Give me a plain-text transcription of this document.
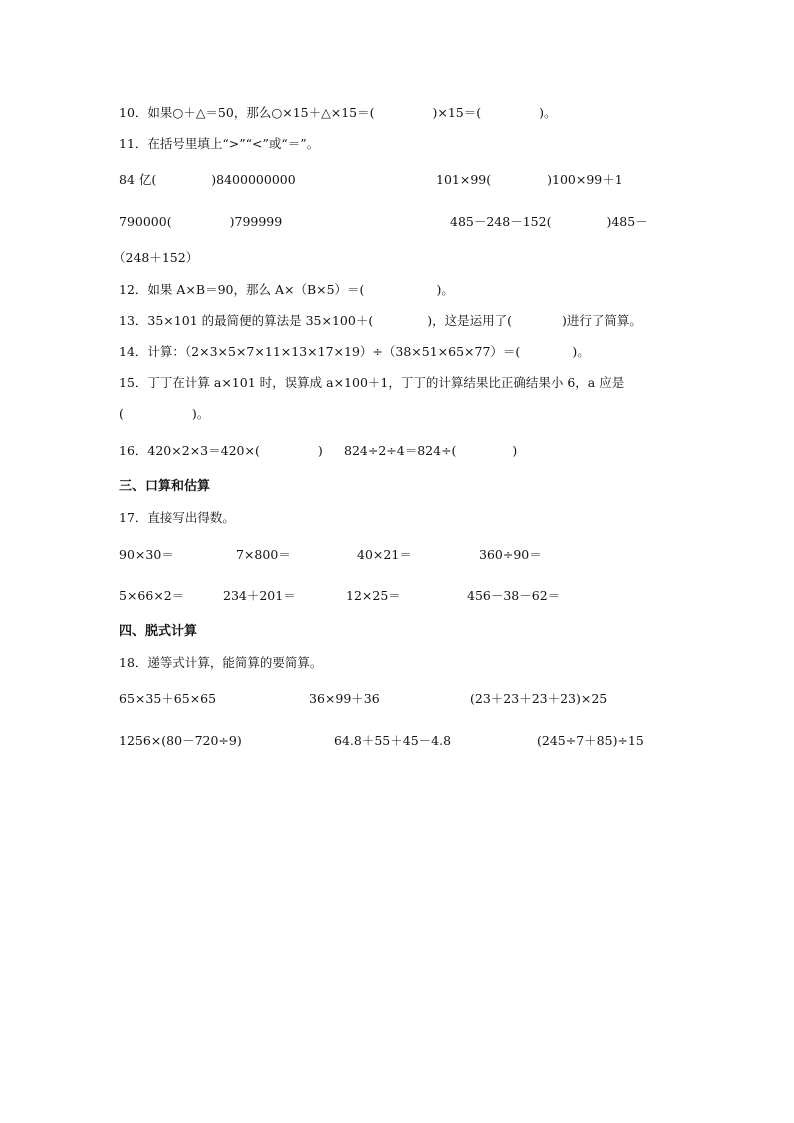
10．如果○＋△＝50，那么○×15＋△×15＝(	)×15＝(	)。
11．在括号里填上“>”“<”或“＝”。
84 亿(	)8400000000	101×99(	)100×99＋1
790000(	)799999	485－248－152(	)485－
（248＋152）
12．如果 A×B＝90，那么 A×（B×5）＝(	)。
13．35×101 的最简便的算法是 35×100＋(	)，这是运用了(	)进行了简算。
14．计算：（2×3×5×7×11×13×17×19）÷（38×51×65×77）＝(	)。
15．丁丁在计算 a×101 时，误算成 a×100＋1，丁丁的计算结果比正确结果小 6，a 应是
(	)。
16．420×2×3＝420×(	) 824÷2÷4＝824÷(	)
三、口算和估算
17．直接写出得数。
90×30＝	7×800＝	40×21＝	360÷90＝
5×66×2＝	234＋201＝	12×25＝	456－38－62＝
四、脱式计算
18．递等式计算，能简算的要简算。
65×35＋65×65	36×99＋36	(23＋23＋23＋23)×25
1256×(80－720÷9)	64.8＋55＋45－4.8	(245÷7＋85)÷15
